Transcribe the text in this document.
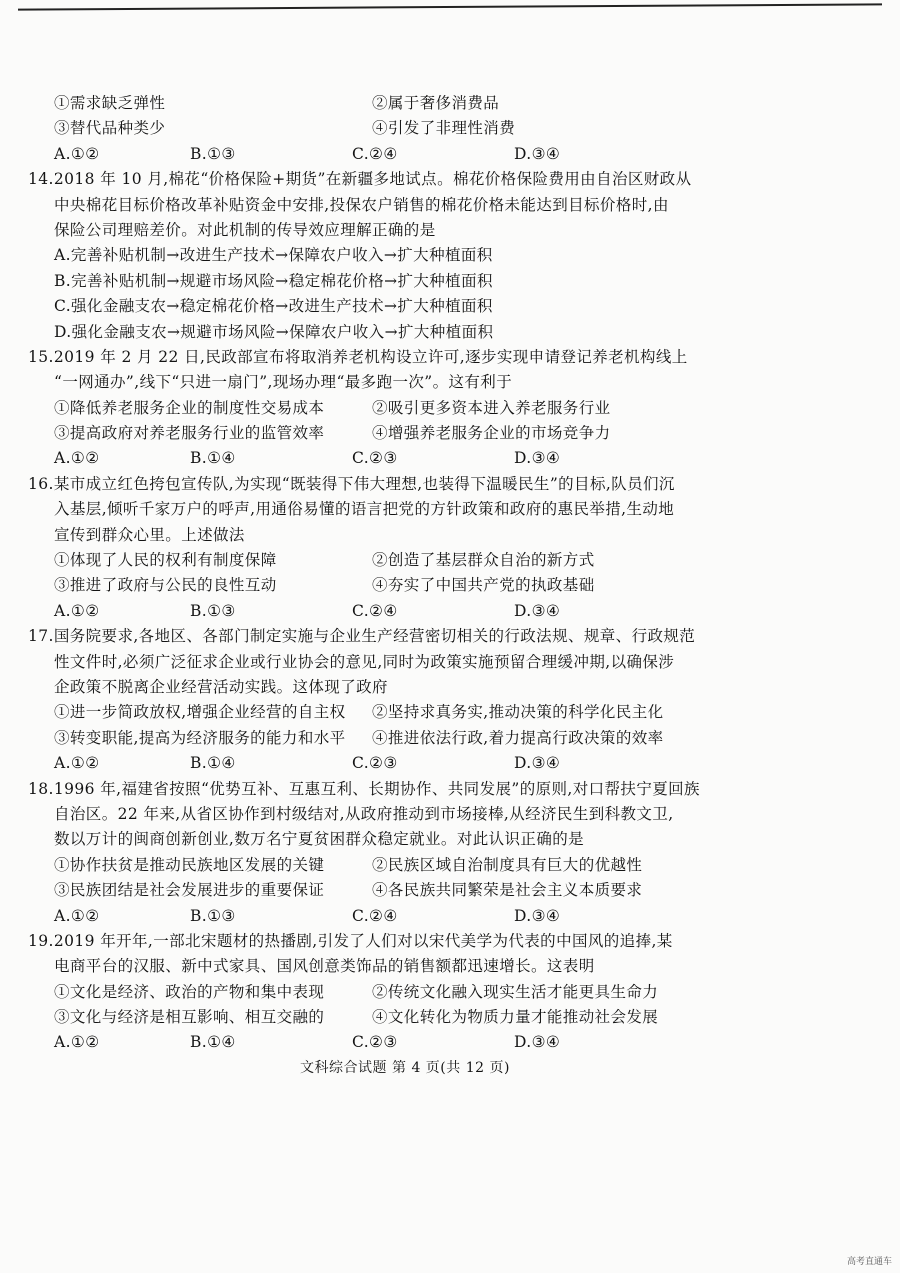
①需求缺乏弹性	②属于奢侈消费品
③替代品种类少	④引发了非理性消费
A.①②	B.①③	C.②④	D.③④
14.2018 年 10 月,棉花“价格保险+期货”在新疆多地试点。棉花价格保险费用由自治区财政从
中央棉花目标价格改革补贴资金中安排,投保农户销售的棉花价格未能达到目标价格时,由
保险公司理赔差价。对此机制的传导效应理解正确的是
A.完善补贴机制→改进生产技术→保障农户收入→扩大种植面积
B.完善补贴机制→规避市场风险→稳定棉花价格→扩大种植面积
C.强化金融支农→稳定棉花价格→改进生产技术→扩大种植面积
D.强化金融支农→规避市场风险→保障农户收入→扩大种植面积
15.2019 年 2 月 22 日,民政部宣布将取消养老机构设立许可,逐步实现申请登记养老机构线上
“一网通办”,线下“只进一扇门”,现场办理“最多跑一次”。这有利于
①降低养老服务企业的制度性交易成本	②吸引更多资本进入养老服务行业
③提高政府对养老服务行业的监管效率	④增强养老服务企业的市场竞争力
A.①②	B.①④	C.②③	D.③④
16.某市成立红色挎包宣传队,为实现“既装得下伟大理想,也装得下温暖民生”的目标,队员们沉
入基层,倾听千家万户的呼声,用通俗易懂的语言把党的方针政策和政府的惠民举措,生动地
宣传到群众心里。上述做法
①体现了人民的权利有制度保障	②创造了基层群众自治的新方式
③推进了政府与公民的良性互动	④夯实了中国共产党的执政基础
A.①②	B.①③	C.②④	D.③④
17.国务院要求,各地区、各部门制定实施与企业生产经营密切相关的行政法规、规章、行政规范
性文件时,必须广泛征求企业或行业协会的意见,同时为政策实施预留合理缓冲期,以确保涉
企政策不脱离企业经营活动实践。这体现了政府
①进一步简政放权,增强企业经营的自主权	②坚持求真务实,推动决策的科学化民主化
③转变职能,提高为经济服务的能力和水平	④推进依法行政,着力提高行政决策的效率
A.①②	B.①④	C.②③	D.③④
18.1996 年,福建省按照“优势互补、互惠互利、长期协作、共同发展”的原则,对口帮扶宁夏回族
自治区。22 年来,从省区协作到村级结对,从政府推动到市场接棒,从经济民生到科教文卫,
数以万计的闽商创新创业,数万名宁夏贫困群众稳定就业。对此认识正确的是
①协作扶贫是推动民族地区发展的关键	②民族区域自治制度具有巨大的优越性
③民族团结是社会发展进步的重要保证	④各民族共同繁荣是社会主义本质要求
A.①②	B.①③	C.②④	D.③④
19.2019 年开年,一部北宋题材的热播剧,引发了人们对以宋代美学为代表的中国风的追捧,某
电商平台的汉服、新中式家具、国风创意类饰品的销售额都迅速增长。这表明
①文化是经济、政治的产物和集中表现	②传统文化融入现实生活才能更具生命力
③文化与经济是相互影响、相互交融的	④文化转化为物质力量才能推动社会发展
A.①②	B.①④	C.②③	D.③④
文科综合试题 第 4 页(共 12 页)
高考直通车
